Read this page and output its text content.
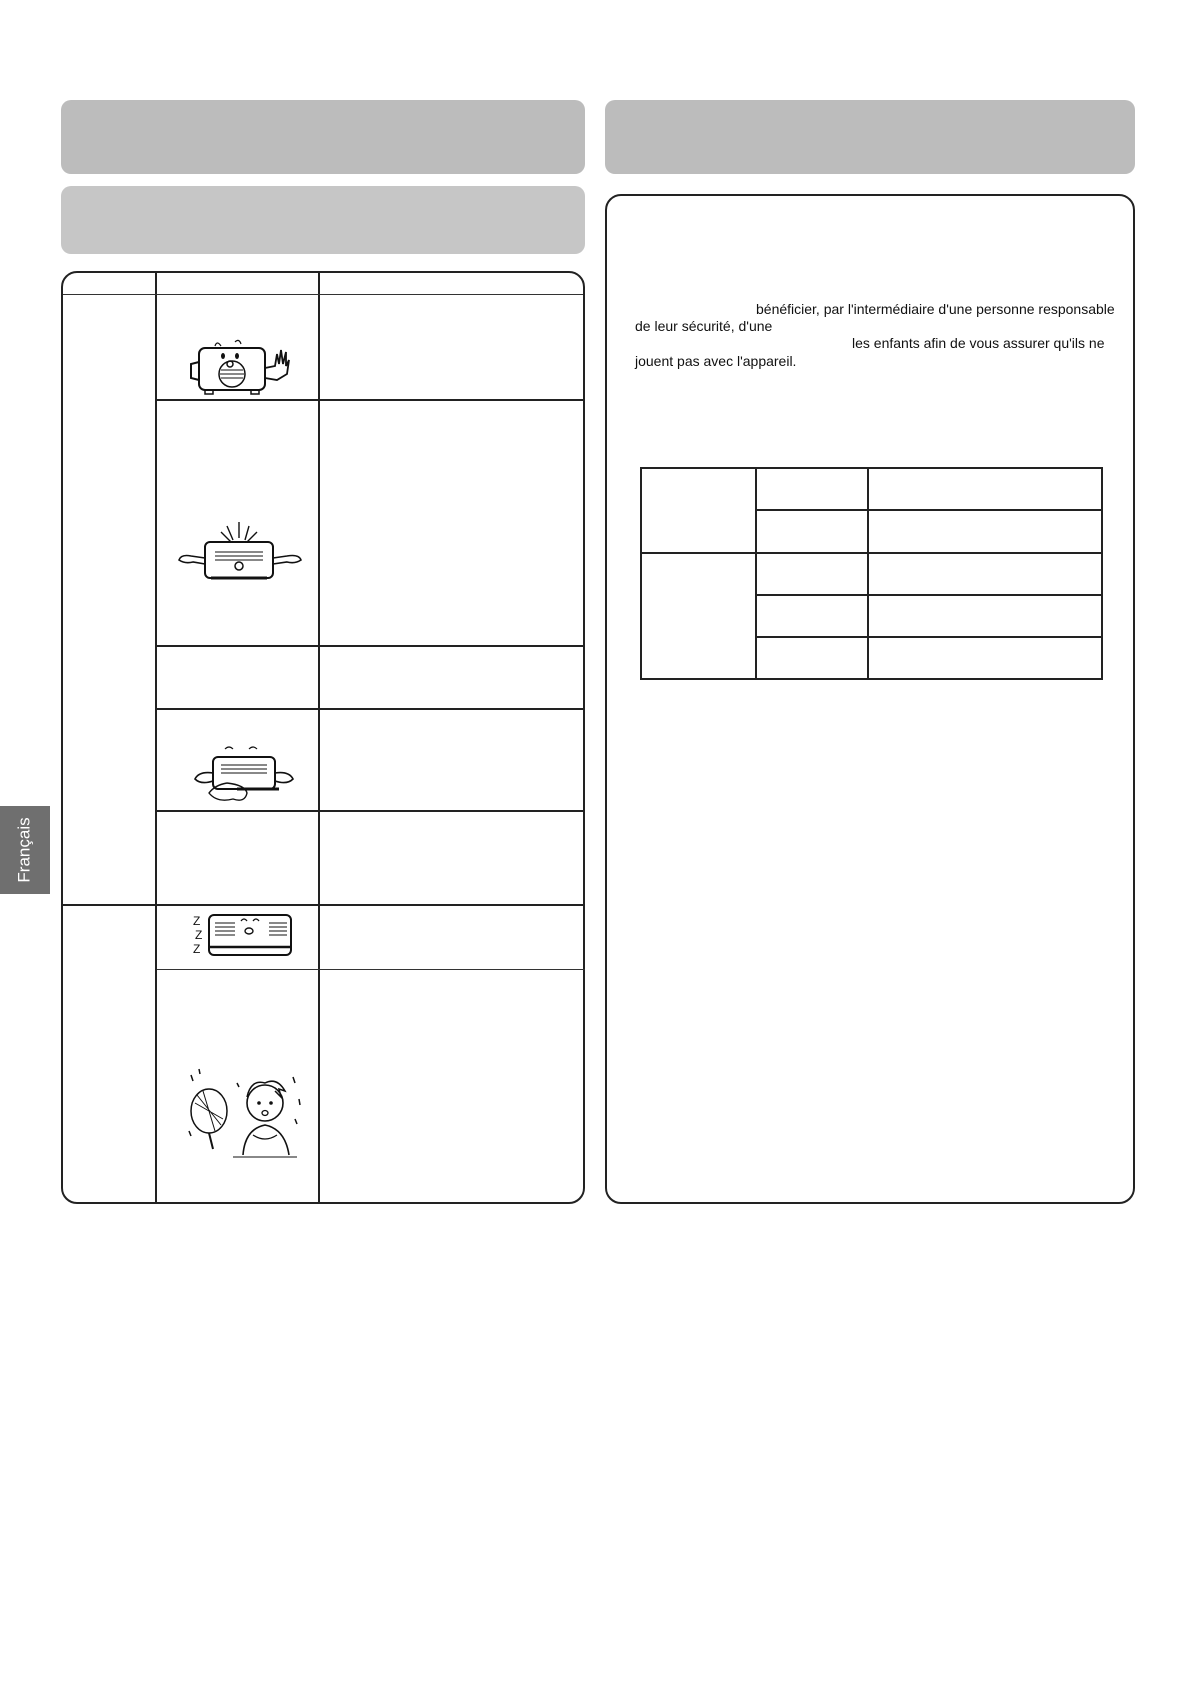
Z
Z
Z
Français
bénéficier, par l'intermédiaire d'une personne responsable
de leur sécurité, d'une
les enfants afin de vous assurer qu'ils ne
jouent pas avec l'appareil.
